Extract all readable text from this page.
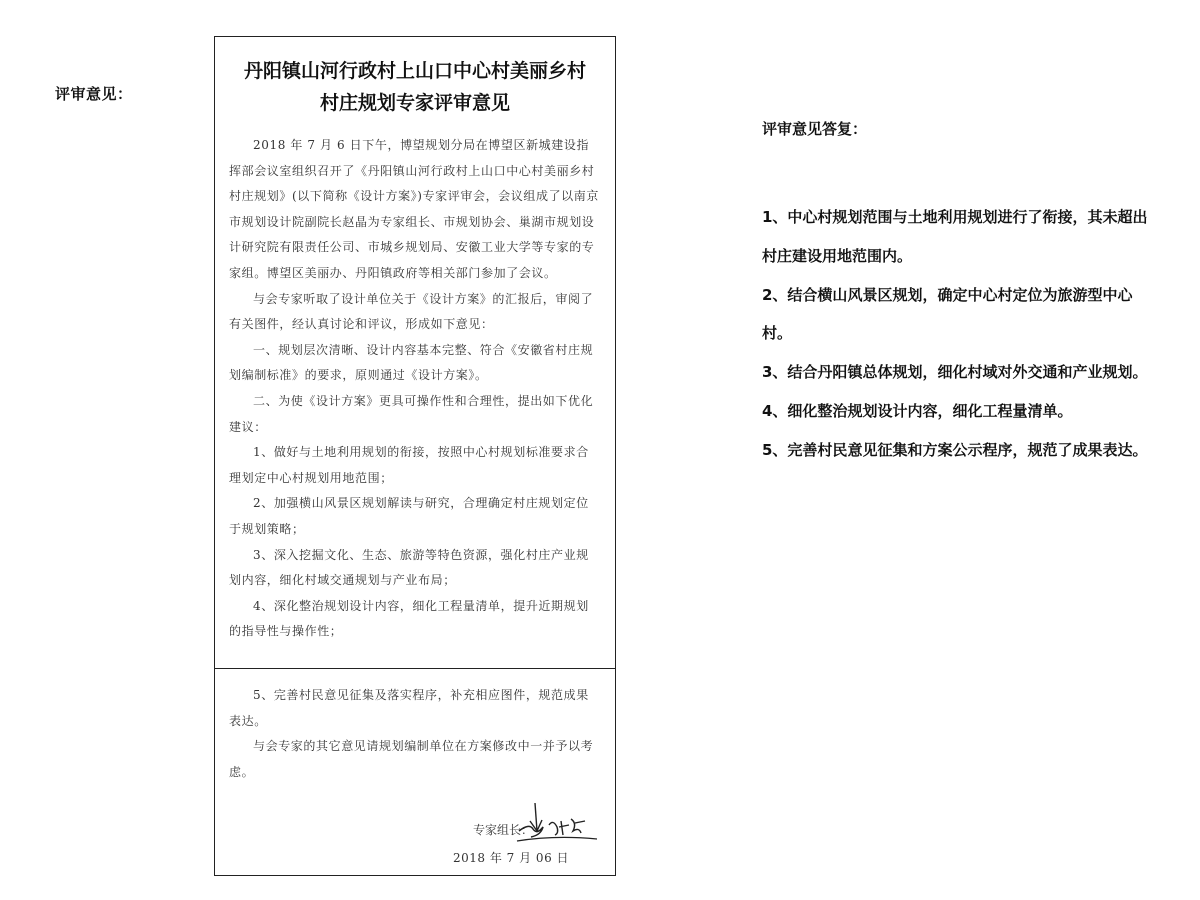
评审意见：
丹阳镇山河行政村上山口中心村美丽乡村
村庄规划专家评审意见

2018 年 7 月 6 日下午，博望规划分局在博望区新城建设指挥部会议室组织召开了《丹阳镇山河行政村上山口中心村美丽乡村村庄规划》(以下简称《设计方案》)专家评审会，会议组成了以南京市规划设计院副院长赵晶为专家组长、市规划协会、巢湖市规划设计研究院有限责任公司、市城乡规划局、安徽工业大学等专家的专家组。博望区美丽办、丹阳镇政府等相关部门参加了会议。

与会专家听取了设计单位关于《设计方案》的汇报后，审阅了有关图件，经认真讨论和评议，形成如下意见：

一、规划层次清晰、设计内容基本完整、符合《安徽省村庄规划编制标准》的要求，原则通过《设计方案》。

二、为使《设计方案》更具可操作性和合理性，提出如下优化建议：

1、做好与土地利用规划的衔接，按照中心村规划标准要求合理划定中心村规划用地范围；

2、加强横山风景区规划解读与研究，合理确定村庄规划定位于规划策略；

3、深入挖掘文化、生态、旅游等特色资源，强化村庄产业规划内容，细化村域交通规划与产业布局；

4、深化整治规划设计内容，细化工程量清单，提升近期规划的指导性与操作性；

5、完善村民意见征集及落实程序，补充相应图件，规范成果表达。

与会专家的其它意见请规划编制单位在方案修改中一并予以考虑。

专家组长：
2018 年 7 月 06 日
评审意见答复：

1、中心村规划范围与土地利用规划进行了衔接，其未超出村庄建设用地范围内。

2、结合横山风景区规划，确定中心村定位为旅游型中心村。

3、结合丹阳镇总体规划，细化村域对外交通和产业规划。

4、细化整治规划设计内容，细化工程量清单。

5、完善村民意见征集和方案公示程序，规范了成果表达。
